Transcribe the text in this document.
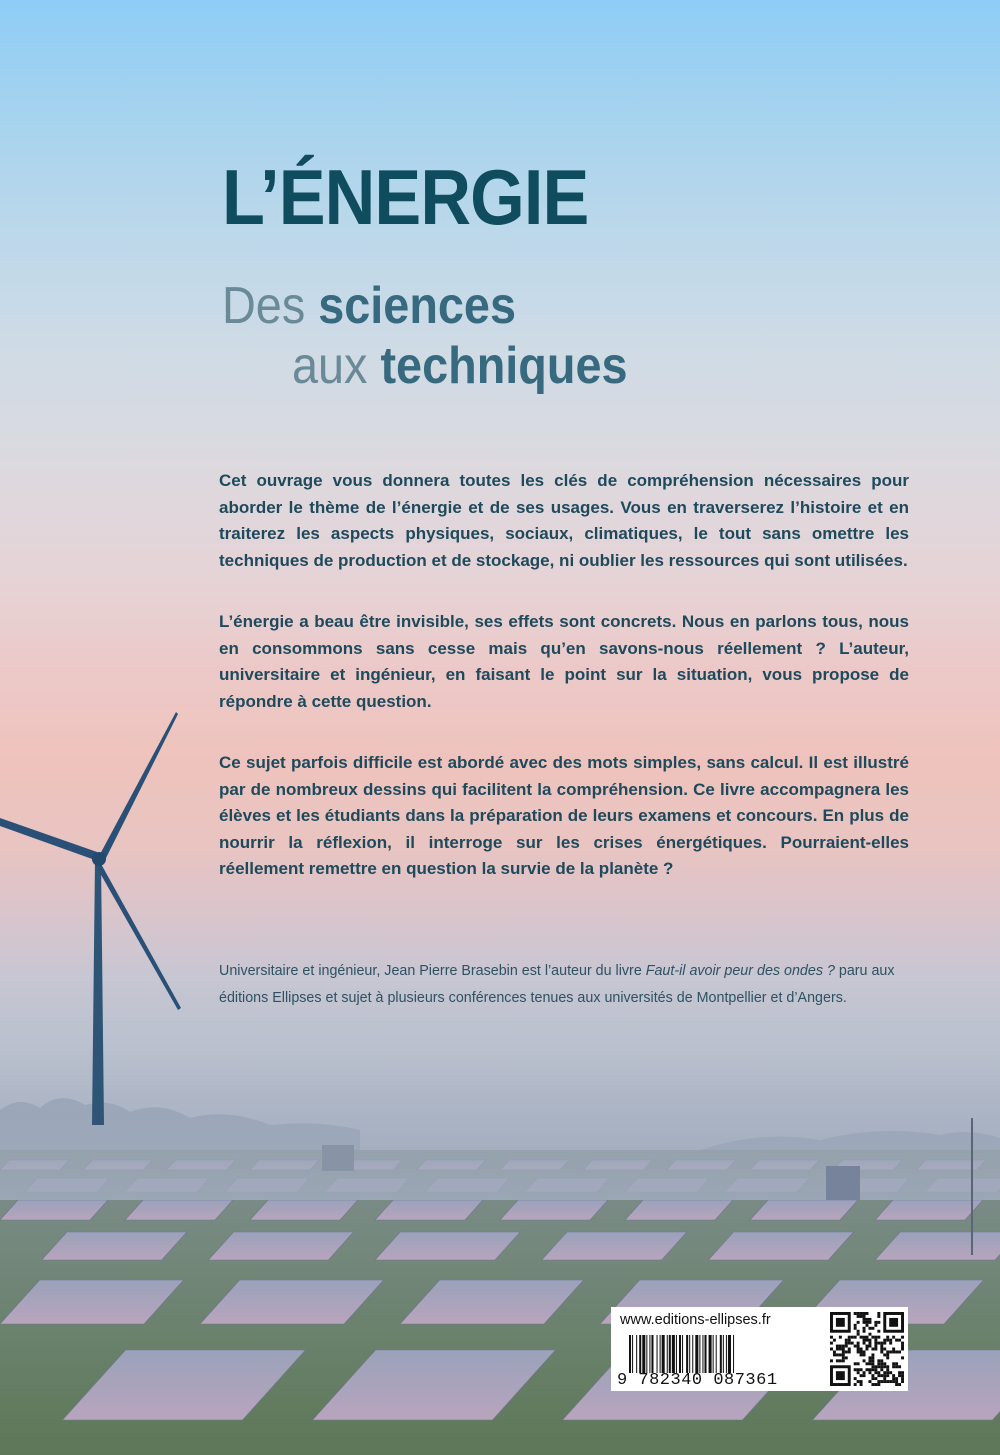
L’ÉNERGIE
Des sciences
aux techniques

Cet ouvrage vous donnera toutes les clés de compréhension nécessaires pour aborder le thème de l’énergie et de ses usages. Vous en traverserez l’histoire et en traiterez les aspects physiques, sociaux, climatiques, le tout sans omettre les techniques de production et de stockage, ni oublier les ressources qui sont utilisées.

L’énergie a beau être invisible, ses effets sont concrets. Nous en parlons tous, nous en consommons sans cesse mais qu’en savons-nous réellement ? L’auteur, universitaire et ingénieur, en faisant le point sur la situation, vous propose de répondre à cette question.

Ce sujet parfois difficile est abordé avec des mots simples, sans calcul. Il est illustré par de nombreux dessins qui facilitent la compréhension. Ce livre accompagnera les élèves et les étudiants dans la préparation de leurs examens et concours. En plus de nourrir la réflexion, il interroge sur les crises énergétiques. Pourraient-elles réellement remettre en question la survie de la planète ?

Universitaire et ingénieur, Jean Pierre Brasebin est l’auteur du livre Faut-il avoir peur des ondes ? paru aux éditions Ellipses et sujet à plusieurs conférences tenues aux universités de Montpellier et d’Angers.

www.editions-ellipses.fr
9 782340 087361
